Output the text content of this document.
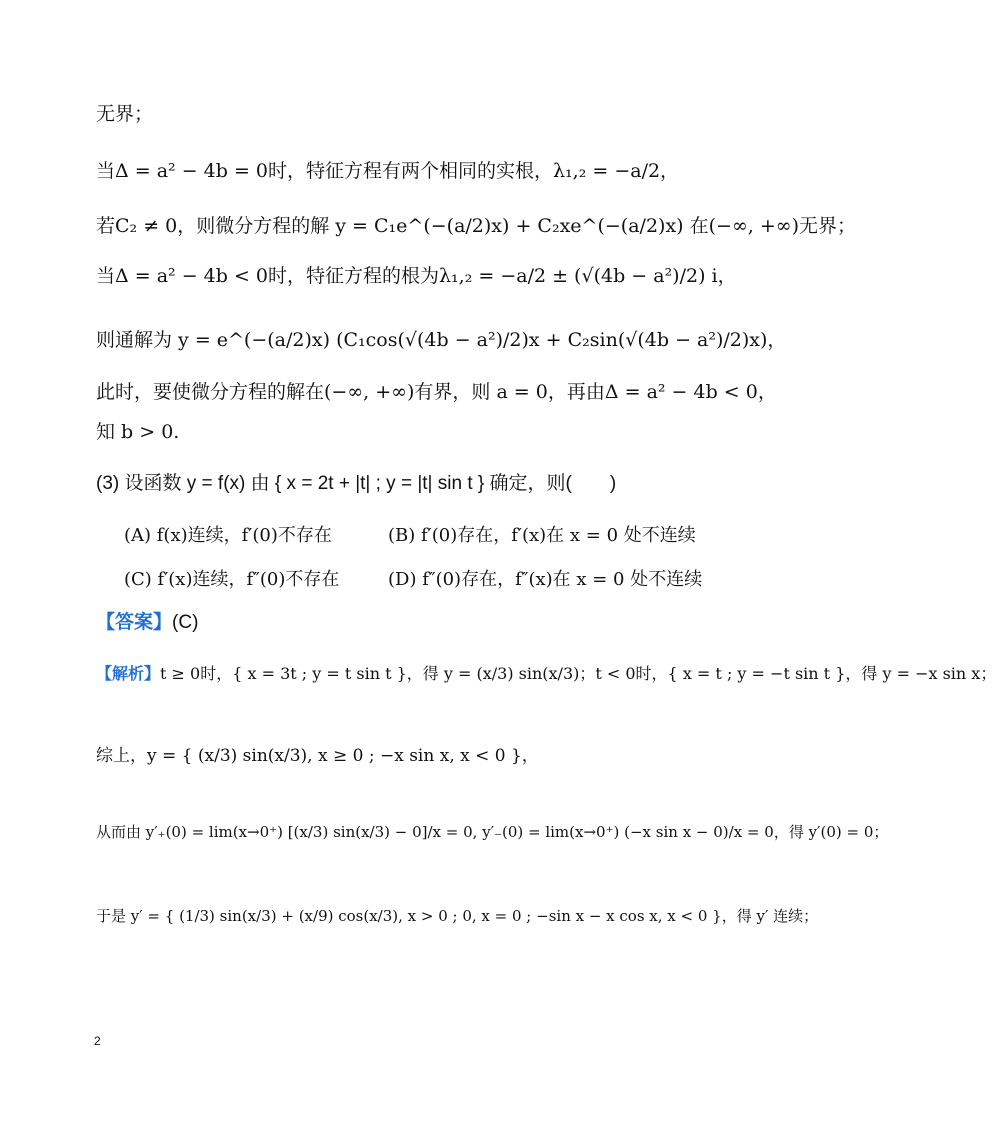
无界；
当Δ = a² − 4b = 0时，特征方程有两个相同的实根，λ₁,₂ = −a/2，
若C₂ ≠ 0，则微分方程的解 y = C₁e^(−(a/2)x) + C₂xe^(−(a/2)x) 在(−∞, +∞)无界；
当Δ = a² − 4b < 0时，特征方程的根为λ₁,₂ = −a/2 ± (√(4b − a²)/2) i，
则通解为 y = e^(−(a/2)x) (C₁cos(√(4b − a²)/2)x + C₂sin(√(4b − a²)/2)x)，
此时，要使微分方程的解在(−∞, +∞)有界，则 a = 0，再由Δ = a² − 4b < 0，
知 b > 0.
(3) 设函数 y = f(x) 由 { x = 2t + |t| ; y = |t| sin t } 确定，则(　　)
(A) f(x)连续，f′(0)不存在	(B) f′(0)存在，f′(x)在 x = 0 处不连续
(C) f′(x)连续，f″(0)不存在	(D) f″(0)存在，f″(x)在 x = 0 处不连续
【答案】(C)
【解析】t ≥ 0时，{ x = 3t ; y = t sin t }，得 y = (x/3) sin(x/3)；t < 0时，{ x = t ; y = −t sin t }，得 y = −x sin x；
综上，y = { (x/3) sin(x/3), x ≥ 0 ; −x sin x, x < 0 }，
从而由 y′₊(0) = lim(x→0⁺) [(x/3) sin(x/3) − 0]/x = 0, y′₋(0) = lim(x→0⁺) (−x sin x − 0)/x = 0，得 y′(0) = 0；
于是 y′ = { (1/3) sin(x/3) + (x/9) cos(x/3), x > 0 ; 0, x = 0 ; −sin x − x cos x, x < 0 }，得 y′ 连续；
2
